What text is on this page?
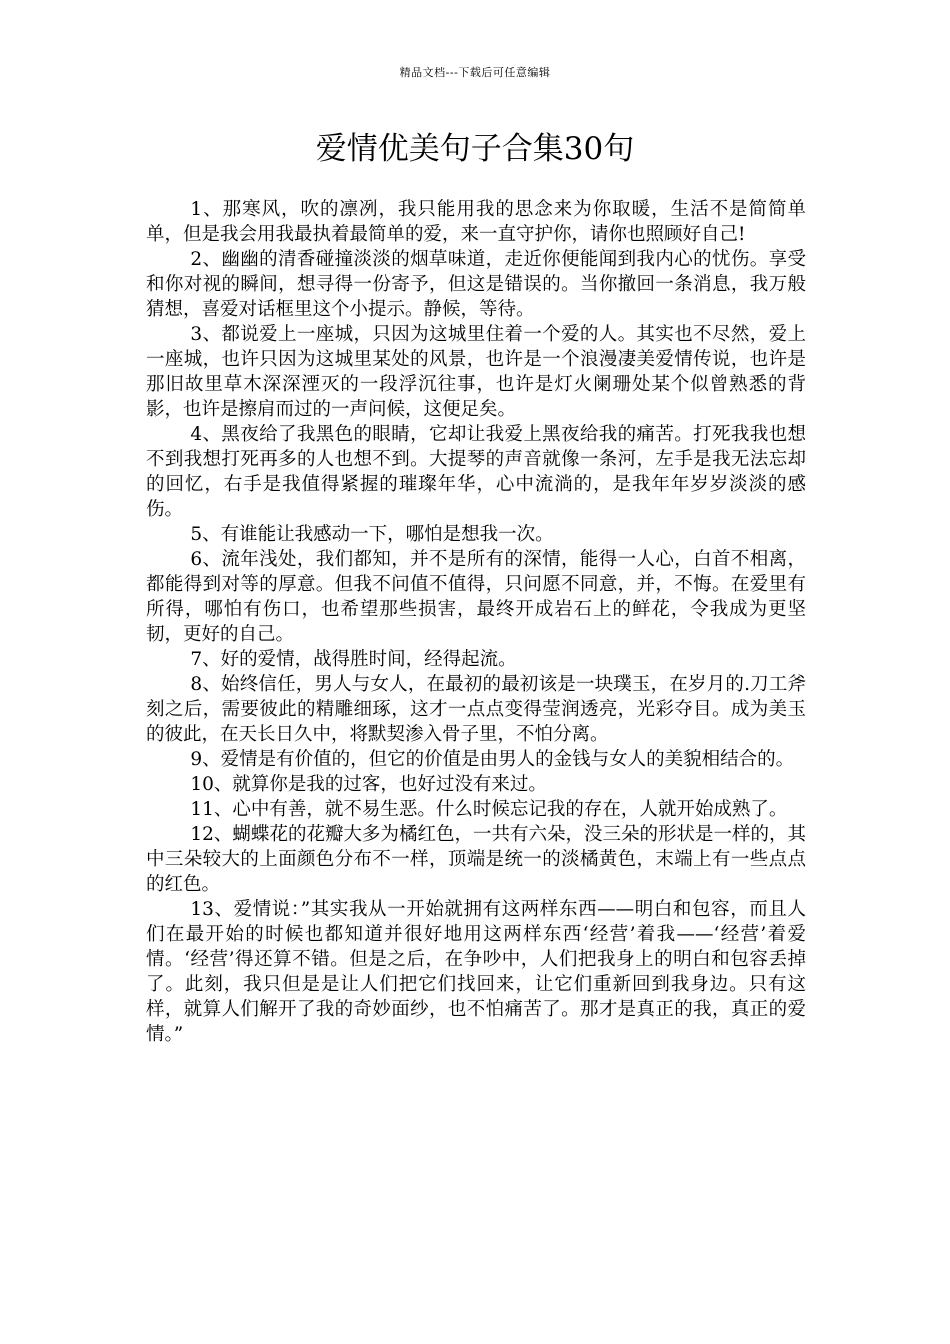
精品文档---下载后可任意编辑
爱情优美句子合集30句

1、那寒风，吹的凛冽，我只能用我的思念来为你取暖，生活不是简简单单，但是我会用我最执着最简单的爱，来一直守护你，请你也照顾好自己!

2、幽幽的清香碰撞淡淡的烟草味道，走近你便能闻到我内心的忧伤。享受和你对视的瞬间，想寻得一份寄予，但这是错误的。当你撤回一条消息，我万般猜想，喜爱对话框里这个小提示。静候，等待。

3、都说爱上一座城，只因为这城里住着一个爱的人。其实也不尽然，爱上一座城，也许只因为这城里某处的风景，也许是一个浪漫凄美爱情传说，也许是那旧故里草木深深湮灭的一段浮沉往事，也许是灯火阑珊处某个似曾熟悉的背影，也许是擦肩而过的一声问候，这便足矣。

4、黑夜给了我黑色的眼睛，它却让我爱上黑夜给我的痛苦。打死我我也想不到我想打死再多的人也想不到。大提琴的声音就像一条河，左手是我无法忘却的回忆，右手是我值得紧握的璀璨年华，心中流淌的，是我年年岁岁淡淡的感伤。

5、有谁能让我感动一下，哪怕是想我一次。

6、流年浅处，我们都知，并不是所有的深情，能得一人心，白首不相离，都能得到对等的厚意。但我不问值不值得，只问愿不同意，并，不悔。在爱里有所得，哪怕有伤口，也希望那些损害，最终开成岩石上的鲜花，令我成为更坚韧，更好的自己。

7、好的爱情，战得胜时间，经得起流。

8、始终信任，男人与女人，在最初的最初该是一块璞玉，在岁月的.刀工斧刻之后，需要彼此的精雕细琢，这才一点点变得莹润透亮，光彩夺目。成为美玉的彼此，在天长日久中，将默契渗入骨子里，不怕分离。

9、爱情是有价值的，但它的价值是由男人的金钱与女人的美貌相结合的。

10、就算你是我的过客，也好过没有来过。

11、心中有善，就不易生恶。什么时候忘记我的存在，人就开始成熟了。

12、蝴蝶花的花瓣大多为橘红色，一共有六朵，没三朵的形状是一样的，其中三朵较大的上面颜色分布不一样，顶端是统一的淡橘黄色，末端上有一些点点的红色。

13、爱情说：”其实我从一开始就拥有这两样东西——明白和包容，而且人们在最开始的时候也都知道并很好地用这两样东西‘经营’着我——‘经营’着爱情。‘经营’得还算不错。但是之后，在争吵中，人们把我身上的明白和包容丢掉了。此刻，我只但是是让人们把它们找回来，让它们重新回到我身边。只有这样，就算人们解开了我的奇妙面纱，也不怕痛苦了。那才是真正的我，真正的爱情。”
